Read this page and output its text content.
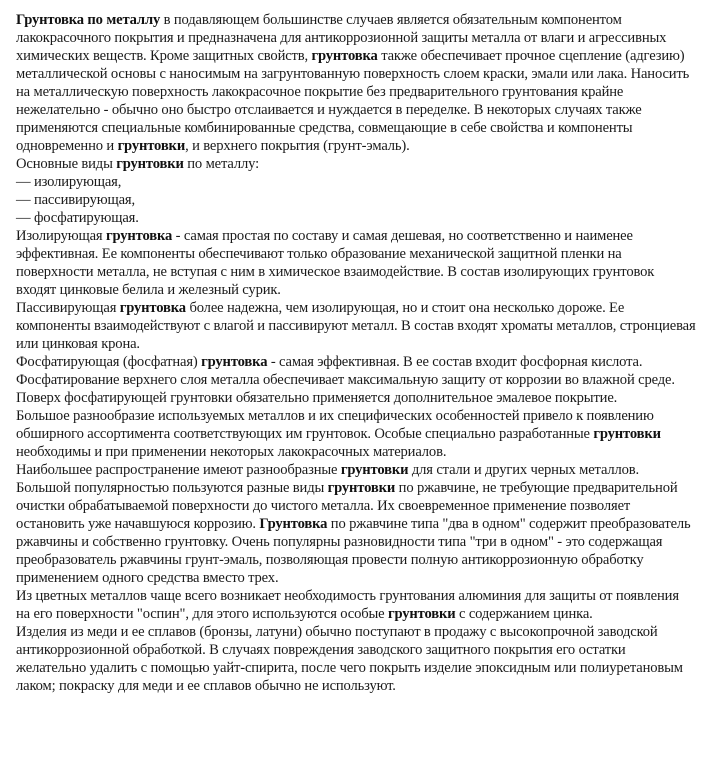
Грунтовка по металлу в подавляющем большинстве случаев является обязательным компонентом лакокрасочного покрытия и предназначена для антикоррозионной защиты металла от влаги и агрессивных химических веществ. Кроме защитных свойств, грунтовка также обеспечивает прочное сцепление (адгезию) металлической основы с наносимым на загрунтованную поверхность слоем краски, эмали или лака. Наносить на металлическую поверхность лакокрасочное покрытие без предварительного грунтования крайне нежелательно - обычно оно быстро отслаивается и нуждается в переделке. В некоторых случаях также применяются специальные комбинированные средства, совмещающие в себе свойства и компоненты одновременно и грунтовки, и верхнего покрытия (грунт-эмаль).

Основные виды грунтовки по металлу:

— изолирующая,

— пассивирующая,

— фосфатирующая.

Изолирующая грунтовка - самая простая по составу и самая дешевая, но соответственно и наименее эффективная. Ее компоненты обеспечивают только образование механической защитной пленки на поверхности металла, не вступая с ним в химическое взаимодействие. В состав изолирующих грунтовок входят цинковые белила и железный сурик.

Пассивирующая грунтовка более надежна, чем изолирующая, но и стоит она несколько дороже. Ее компоненты взаимодействуют с влагой и пассивируют металл. В состав входят хроматы металлов, стронциевая или цинковая крона.

Фосфатирующая (фосфатная) грунтовка - самая эффективная. В ее состав входит фосфорная кислота. Фосфатирование верхнего слоя металла обеспечивает максимальную защиту от коррозии во влажной среде. Поверх фосфатирующей грунтовки обязательно применяется дополнительное эмалевое покрытие.

Большое разнообразие используемых металлов и их специфических особенностей привело к появлению обширного ассортимента соответствующих им грунтовок. Особые специально разработанные грунтовки необходимы и при применении некоторых лакокрасочных материалов.

Наибольшее распространение имеют разнообразные грунтовки для стали и других черных металлов.

Большой популярностью пользуются разные виды грунтовки по ржавчине, не требующие предварительной очистки обрабатываемой поверхности до чистого металла. Их своевременное применение позволяет остановить уже начавшуюся коррозию. Грунтовка по ржавчине типа "два в одном" содержит преобразователь ржавчины и собственно грунтовку. Очень популярны разновидности типа "три в одном" - это содержащая преобразователь ржавчины грунт-эмаль, позволяющая провести полную антикоррозионную обработку применением одного средства вместо трех.

Из цветных металлов чаще всего возникает необходимость грунтования алюминия для защиты от появления на его поверхности "оспин", для этого используются особые грунтовки с содержанием цинка.

Изделия из меди и ее сплавов (бронзы, латуни) обычно поступают в продажу с высокопрочной заводской антикоррозионной обработкой. В случаях повреждения заводского защитного покрытия его остатки желательно удалить с помощью уайт-спирита, после чего покрыть изделие эпоксидным или полиуретановым лаком; покраску для меди и ее сплавов обычно не используют.
